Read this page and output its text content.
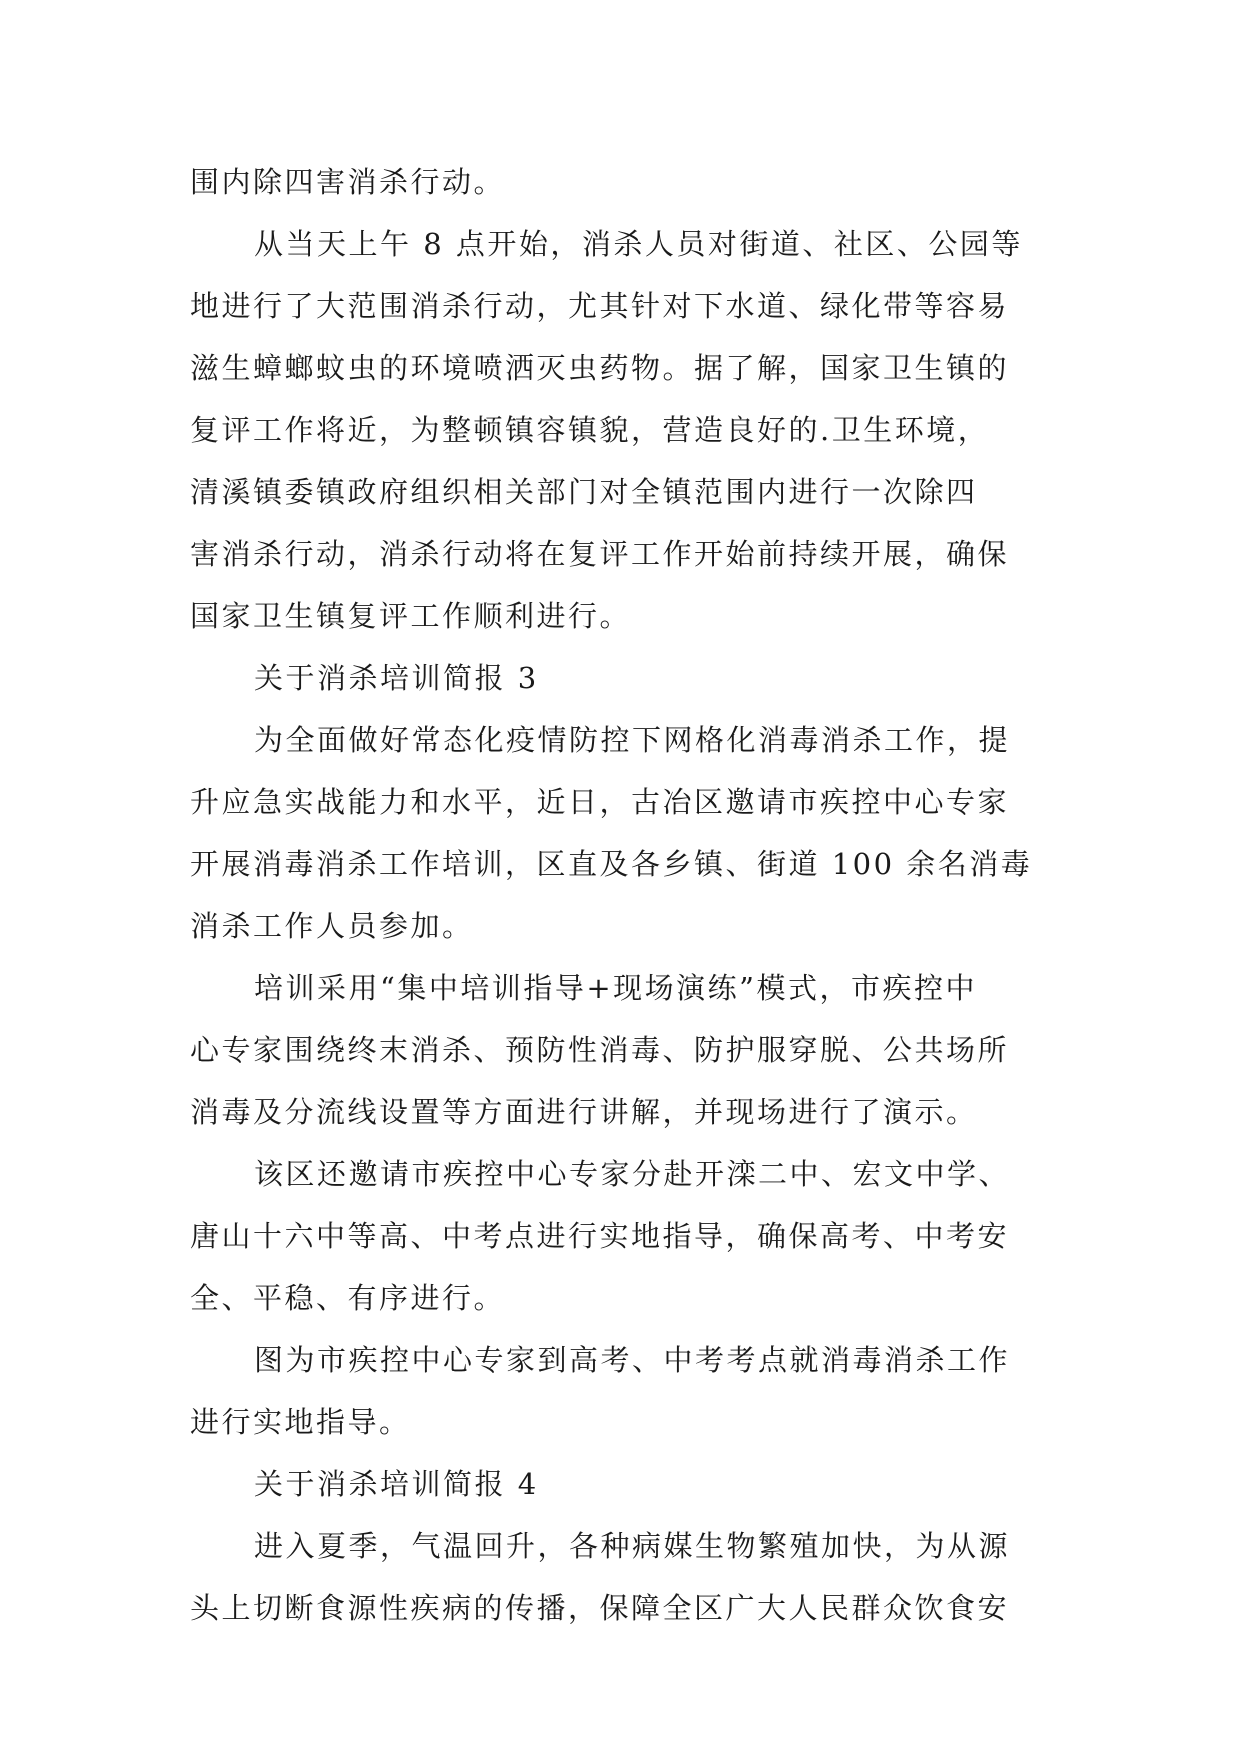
围内除四害消杀行动。
从当天上午 8 点开始，消杀人员对街道、社区、公园等
地进行了大范围消杀行动，尤其针对下水道、绿化带等容易
滋生蟑螂蚊虫的环境喷洒灭虫药物。据了解，国家卫生镇的
复评工作将近，为整顿镇容镇貌，营造良好的.卫生环境，
清溪镇委镇政府组织相关部门对全镇范围内进行一次除四
害消杀行动，消杀行动将在复评工作开始前持续开展，确保
国家卫生镇复评工作顺利进行。
关于消杀培训简报 3
为全面做好常态化疫情防控下网格化消毒消杀工作，提
升应急实战能力和水平，近日，古冶区邀请市疾控中心专家
开展消毒消杀工作培训，区直及各乡镇、街道 100 余名消毒
消杀工作人员参加。
培训采用“集中培训指导+现场演练”模式，市疾控中
心专家围绕终末消杀、预防性消毒、防护服穿脱、公共场所
消毒及分流线设置等方面进行讲解，并现场进行了演示。
该区还邀请市疾控中心专家分赴开滦二中、宏文中学、
唐山十六中等高、中考点进行实地指导，确保高考、中考安
全、平稳、有序进行。
图为市疾控中心专家到高考、中考考点就消毒消杀工作
进行实地指导。
关于消杀培训简报 4
进入夏季，气温回升，各种病媒生物繁殖加快，为从源
头上切断食源性疾病的传播，保障全区广大人民群众饮食安
